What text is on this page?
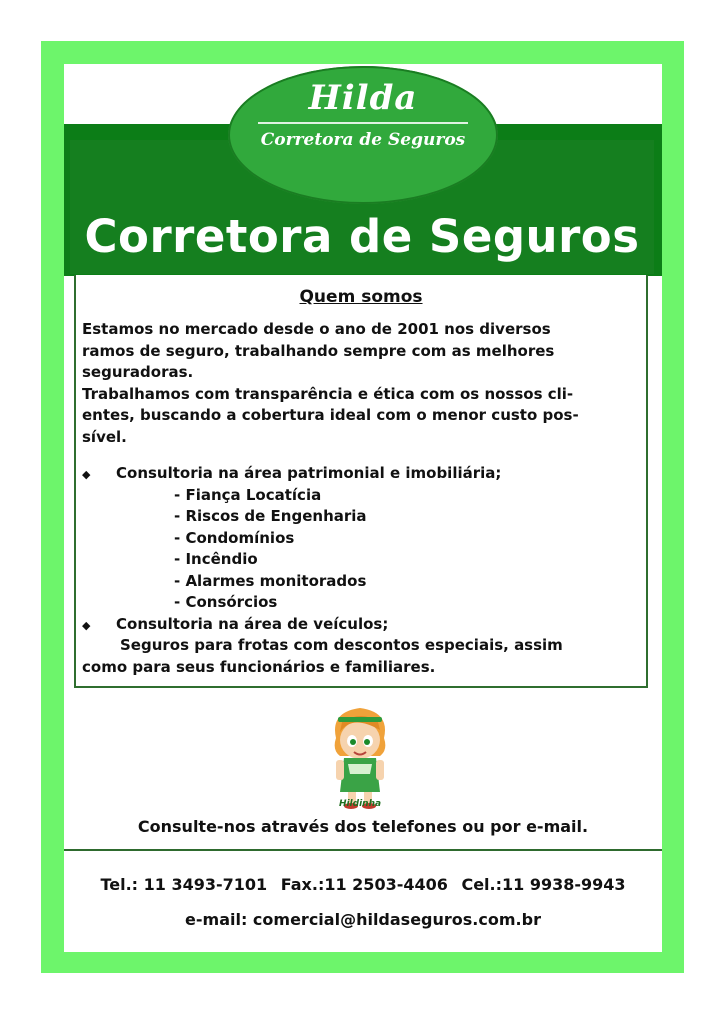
Hilda
Corretora de Seguros
Corretora de Seguros
Quem somos

Estamos no mercado desde o ano de 2001 nos diversos

ramos de seguro, trabalhando sempre com as melhores

seguradoras.

Trabalhamos com transparência e ética com os nossos cli-

entes, buscando a cobertura ideal com o menor custo pos-

sível.

◆ Consultoria na área patrimonial e imobiliária;
- Fiança Locatícia
- Riscos de Engenharia
- Condomínios
- Incêndio
- Alarmes monitorados
- Consórcios
◆ Consultoria na área de veículos;
Seguros para frotas com descontos especiais, assim
como para seus funcionários e familiares.
Hildinha
Consulte-nos através dos telefones ou por e-mail.
Tel.: 11 3493-7101 Fax.:11 2503-4406 Cel.:11 9938-9943
e-mail: comercial@hildaseguros.com.br
